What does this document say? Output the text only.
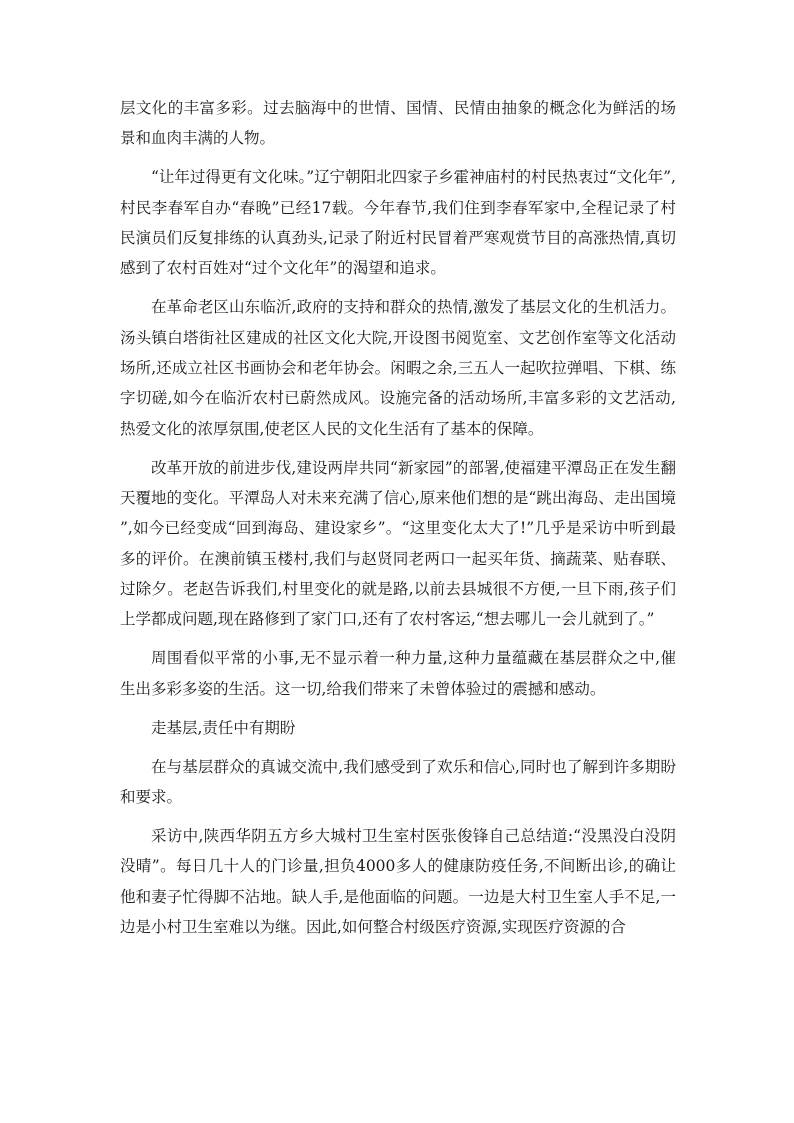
层文化的丰富多彩。过去脑海中的世情、国情、民情由抽象的概念化为鲜活的场景和血肉丰满的人物。

“让年过得更有文化味。”辽宁朝阳北四家子乡霍神庙村的村民热衷过“文化年”,村民李春军自办“春晚”已经17载。今年春节,我们住到李春军家中,全程记录了村民演员们反复排练的认真劲头,记录了附近村民冒着严寒观赏节目的高涨热情,真切感到了农村百姓对“过个文化年”的渴望和追求。

在革命老区山东临沂,政府的支持和群众的热情,激发了基层文化的生机活力。汤头镇白塔街社区建成的社区文化大院,开设图书阅览室、文艺创作室等文化活动场所,还成立社区书画协会和老年协会。闲暇之余,三五人一起吹拉弹唱、下棋、练字切磋,如今在临沂农村已蔚然成风。设施完备的活动场所,丰富多彩的文艺活动,热爱文化的浓厚氛围,使老区人民的文化生活有了基本的保障。

改革开放的前进步伐,建设两岸共同“新家园”的部署,使福建平潭岛正在发生翻天覆地的变化。平潭岛人对未来充满了信心,原来他们想的是“跳出海岛、走出国境”,如今已经变成“回到海岛、建设家乡”。“这里变化太大了!”几乎是采访中听到最多的评价。在澳前镇玉楼村,我们与赵贤同老两口一起买年货、摘蔬菜、贴春联、过除夕。老赵告诉我们,村里变化的就是路,以前去县城很不方便,一旦下雨,孩子们上学都成问题,现在路修到了家门口,还有了农村客运,“想去哪儿一会儿就到了。”

周围看似平常的小事,无不显示着一种力量,这种力量蕴藏在基层群众之中,催生出多彩多姿的生活。这一切,给我们带来了未曾体验过的震撼和感动。

走基层,责任中有期盼

在与基层群众的真诚交流中,我们感受到了欢乐和信心,同时也了解到许多期盼和要求。

采访中,陕西华阴五方乡大城村卫生室村医张俊锋自己总结道:“没黑没白没阴没晴”。每日几十人的门诊量,担负4000多人的健康防疫任务,不间断出诊,的确让他和妻子忙得脚不沾地。缺人手,是他面临的问题。一边是大村卫生室人手不足,一边是小村卫生室难以为继。因此,如何整合村级医疗资源,实现医疗资源的合
